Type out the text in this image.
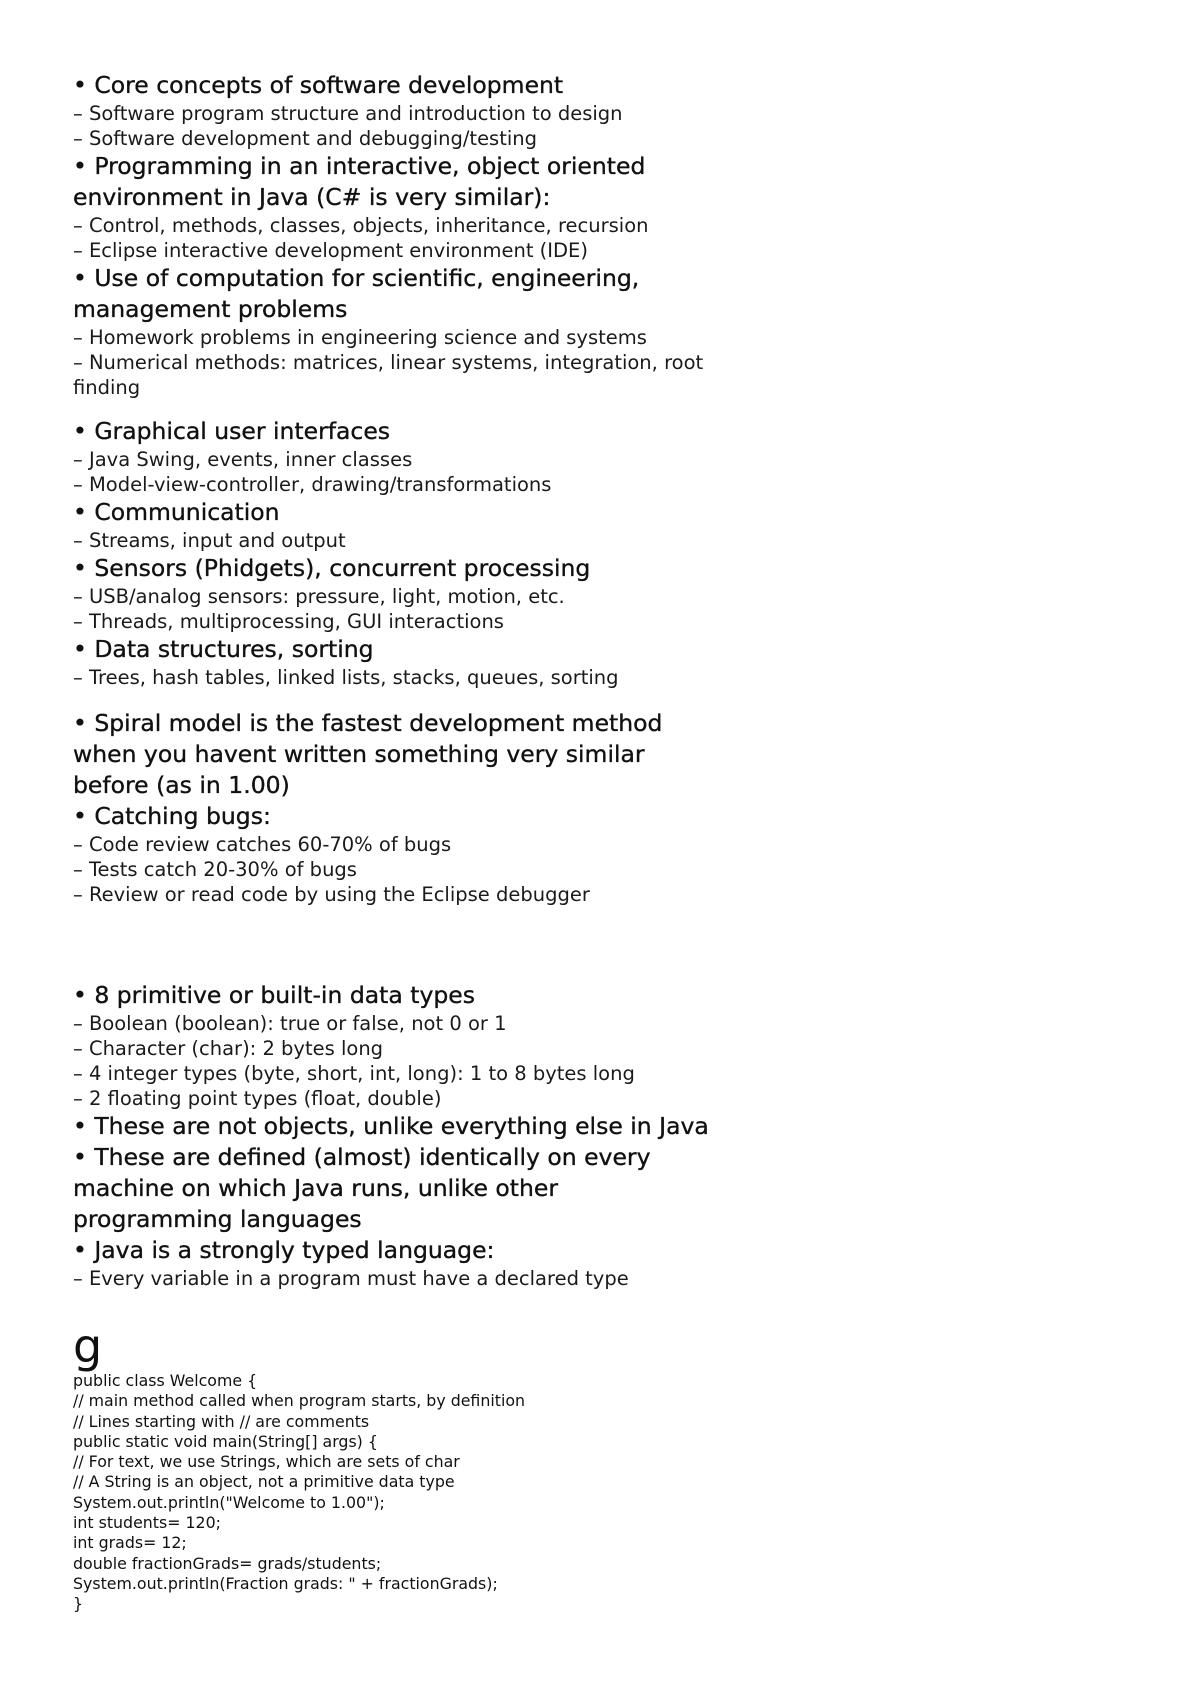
• Core concepts of software development

– Software program structure and introduction to design

– Software development and debugging/testing

• Programming in an interactive, object oriented environment in Java (C# is very similar):

– Control, methods, classes, objects, inheritance, recursion

– Eclipse interactive development environment (IDE)

• Use of computation for scientific, engineering, management problems

– Homework problems in engineering science and systems

– Numerical methods: matrices, linear systems, integration, root finding

• Graphical user interfaces

– Java Swing, events, inner classes

– Model-view-controller, drawing/transformations

• Communication

– Streams, input and output

• Sensors (Phidgets), concurrent processing

– USB/analog sensors: pressure, light, motion, etc.

– Threads, multiprocessing, GUI interactions

• Data structures, sorting

– Trees, hash tables, linked lists, stacks, queues, sorting

• Spiral model is the fastest development method when you havent written something very similar before (as in 1.00)

• Catching bugs:

– Code review catches 60-70% of bugs

– Tests catch 20-30% of bugs

– Review or read code by using the Eclipse debugger

• 8 primitive or built-in data types

– Boolean (boolean): true or false, not 0 or 1

– Character (char): 2 bytes long

– 4 integer types (byte, short, int, long): 1 to 8 bytes long

– 2 floating point types (float, double)

• These are not objects, unlike everything else in Java

• These are defined (almost) identically on every machine on which Java runs, unlike other programming languages

• Java is a strongly typed language:

– Every variable in a program must have a declared type

g
public class Welcome {
// main method called when program starts, by definition
// Lines starting with // are comments
public static void main(String[] args) {
// For text, we use Strings, which are sets of char
// A String is an object, not a primitive data type
System.out.println("Welcome to 1.00");
int students= 120;
int grads= 12;
double fractionGrads= grads/students;
System.out.println(Fraction grads: " + fractionGrads);
}
